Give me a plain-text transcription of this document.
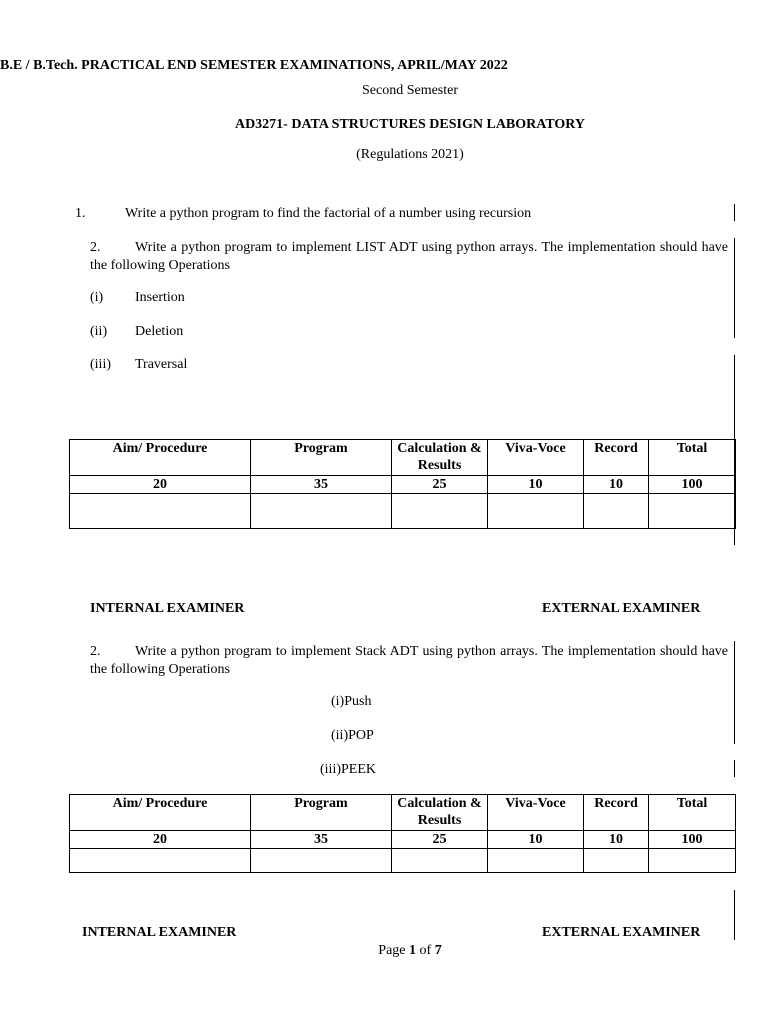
B.E / B.Tech. PRACTICAL END SEMESTER EXAMINATIONS, APRIL/MAY 2022
Second Semester
AD3271- DATA STRUCTURES DESIGN LABORATORY
(Regulations 2021)
1.	Write a python program to find the factorial of a number using recursion
2. Write a python program to implement LIST ADT using python arrays. The implementation should have the following Operations
(i) Insertion
(ii) Deletion
(iii) Traversal
Aim/ Procedure	Program	Calculation & Results	Viva-Voce	Record	Total
20	35	25	10	10	100

INTERNAL EXAMINER	EXTERNAL EXAMINER
2. Write a python program to implement Stack ADT using python arrays. The implementation should have the following Operations
(i)Push
(ii)POP
(iii)PEEK
Aim/ Procedure	Program	Calculation & Results	Viva-Voce	Record	Total
20	35	25	10	10	100

INTERNAL EXAMINER	EXTERNAL EXAMINER
Page 1 of 7
